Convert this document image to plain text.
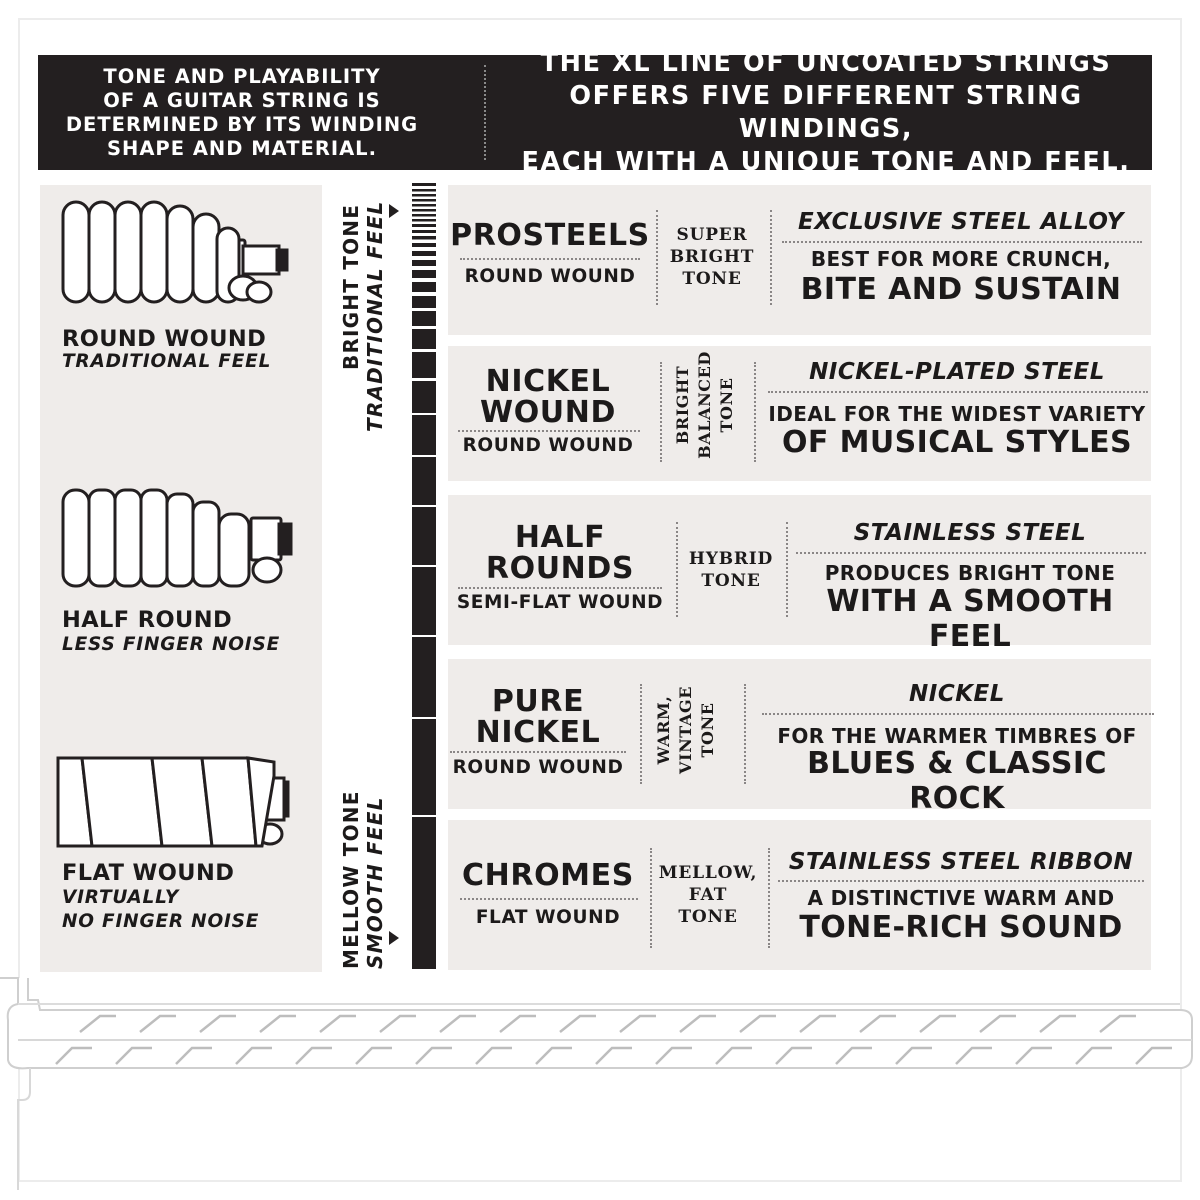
TONE AND PLAYABILITY
OF A GUITAR STRING IS
DETERMINED BY ITS WINDING
SHAPE AND MATERIAL.
THE XL LINE OF UNCOATED STRINGS
OFFERS FIVE DIFFERENT STRING WINDINGS,
EACH WITH A UNIQUE TONE AND FEEL.
ROUND WOUND
TRADITIONAL FEEL
HALF ROUND
LESS FINGER NOISE
FLAT WOUND
VIRTUALLY
NO FINGER NOISE
BRIGHT TONE TRADITIONAL FEEL
MELLOW TONE SMOOTH FEEL
PROSTEELS
ROUND WOUND
SUPER
BRIGHT
TONE
EXCLUSIVE STEEL ALLOY
BEST FOR MORE CRUNCH,
BITE AND SUSTAIN
NICKEL
WOUND
ROUND WOUND
BRIGHT BALANCED TONE
NICKEL-PLATED STEEL
IDEAL FOR THE WIDEST VARIETY
OF MUSICAL STYLES
HALF
ROUNDS
SEMI-FLAT WOUND
HYBRID
TONE
STAINLESS STEEL
PRODUCES BRIGHT TONE
WITH A SMOOTH FEEL
PURE
NICKEL
ROUND WOUND
WARM, VINTAGE TONE
NICKEL
FOR THE WARMER TIMBRES OF
BLUES & CLASSIC ROCK
CHROMES
FLAT WOUND
MELLOW,
FAT
TONE
STAINLESS STEEL RIBBON
A DISTINCTIVE WARM AND
TONE-RICH SOUND
